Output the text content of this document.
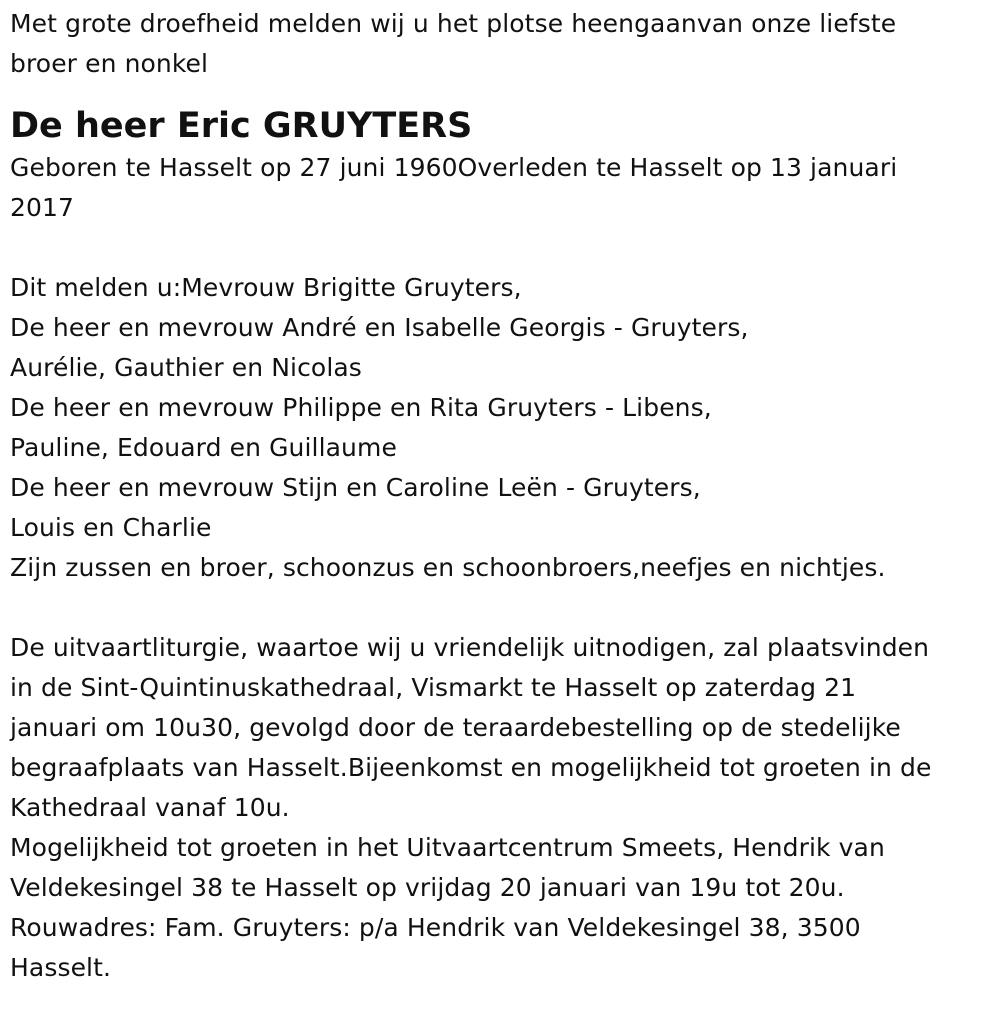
Met grote droefheid melden wij u het plotse heengaanvan onze liefste
broer en nonkel
De heer Eric GRUYTERS
Geboren te Hasselt op 27 juni 1960Overleden te Hasselt op 13 januari
2017
Dit melden u:Mevrouw Brigitte Gruyters,
De heer en mevrouw André en Isabelle Georgis - Gruyters,
Aurélie, Gauthier en Nicolas
De heer en mevrouw Philippe en Rita Gruyters - Libens,
Pauline, Edouard en Guillaume
De heer en mevrouw Stijn en Caroline Leën - Gruyters,
Louis en Charlie
Zijn zussen en broer, schoonzus en schoonbroers,neefjes en nichtjes.
De uitvaartliturgie, waartoe wij u vriendelijk uitnodigen, zal plaatsvinden
in de Sint-Quintinuskathedraal, Vismarkt te Hasselt op zaterdag 21
januari om 10u30, gevolgd door de teraardebestelling op de stedelijke
begraafplaats van Hasselt.Bijeenkomst en mogelijkheid tot groeten in de
Kathedraal vanaf 10u.
Mogelijkheid tot groeten in het Uitvaartcentrum Smeets, Hendrik van
Veldekesingel 38 te Hasselt op vrijdag 20 januari van 19u tot 20u.
Rouwadres: Fam. Gruyters: p/a Hendrik van Veldekesingel 38, 3500
Hasselt.
